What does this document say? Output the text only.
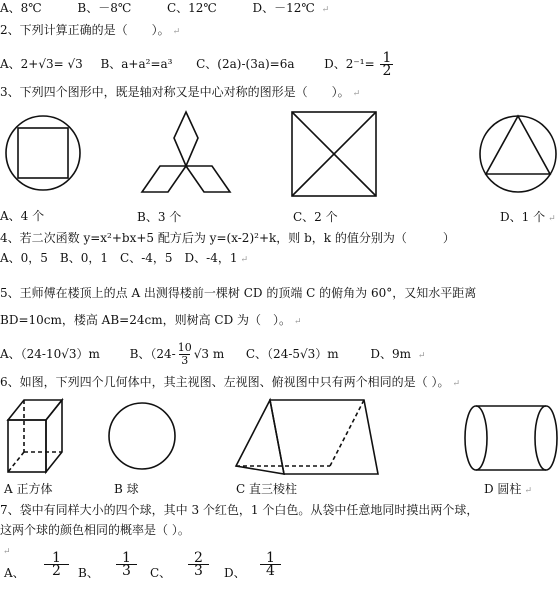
A、8℃	B、－8℃	C、12℃	D、－12℃ ↵
2、下列计算正确的是（　　）。 ↵
A、2+√3= √3 B、a+a²=a³ C、(2a)-(3a)=6a D、$2^{-1}= \frac{1}{2}$
3、下列四个图形中，既是轴对称又是中心对称的图形是（　　）。 ↵
A、4 个	B、3 个	C、2 个	D、1 个 ↵
4、若二次函数 y=x²+bx+5 配方后为 y=(x-2)²+k，则 b，k 的值分别为（　　　）
A、0，5　B、0，1　C、-4，5　D、-4，1 ↵
5、王师傅在楼顶上的点 A 出测得楼前一棵树 CD 的顶端 C 的俯角为 60°，又知水平距离
BD=10cm，楼高 AB=24cm，则树高 CD 为（　）。 ↵
A、（24-10√3）m B、（$24- \frac{10}{3} √3$ m C、（24-5√3）m	D、9m ↵
6、如图，下列四个几何体中，其主视图、左视图、俯视图中只有两个相同的是（ ）。 ↵
A 正方体	B 球	C 直三棱柱	D 圆柱 ↵
7、袋中有同样大小的四个球，其中 3 个红色，1 个白色。从袋中任意地同时摸出两个球，
这两个球的颜色相同的概率是（ ）。
↵
A、 $\frac{1}{2}$ B、 $\frac{1}{3}$ C、 $\frac{2}{3}$ D、 $\frac{1}{4}$
